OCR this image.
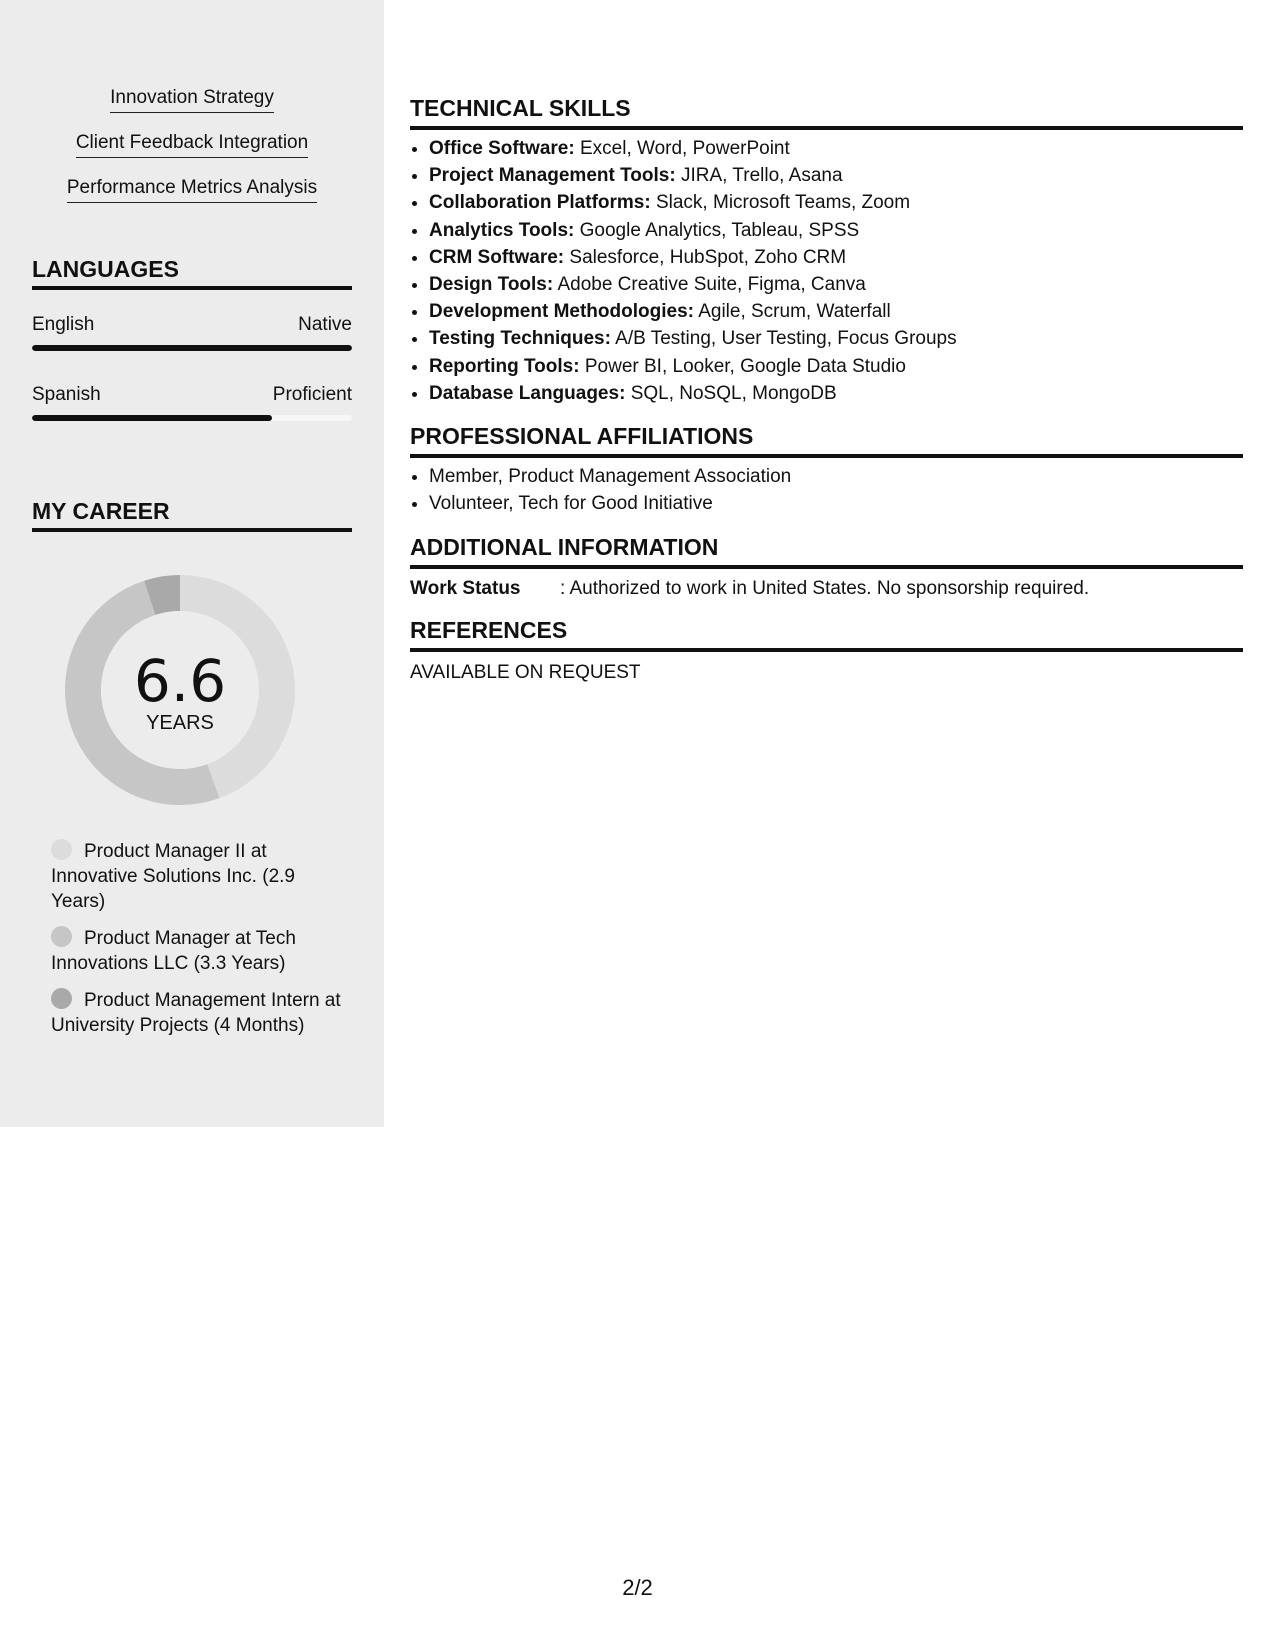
Innovation Strategy
Client Feedback Integration
Performance Metrics Analysis
LANGUAGES
English	Native
Spanish	Proficient
MY CAREER
6.6
YEARS
Product Manager II at Innovative Solutions Inc. (2.9 Years)
Product Manager at Tech Innovations LLC (3.3 Years)
Product Management Intern at University Projects (4 Months)
TECHNICAL SKILLS
• Office Software: Excel, Word, PowerPoint
• Project Management Tools: JIRA, Trello, Asana
• Collaboration Platforms: Slack, Microsoft Teams, Zoom
• Analytics Tools: Google Analytics, Tableau, SPSS
• CRM Software: Salesforce, HubSpot, Zoho CRM
• Design Tools: Adobe Creative Suite, Figma, Canva
• Development Methodologies: Agile, Scrum, Waterfall
• Testing Techniques: A/B Testing, User Testing, Focus Groups
• Reporting Tools: Power BI, Looker, Google Data Studio
• Database Languages: SQL, NoSQL, MongoDB
PROFESSIONAL AFFILIATIONS
• Member, Product Management Association
• Volunteer, Tech for Good Initiative
ADDITIONAL INFORMATION
Work Status	: Authorized to work in United States. No sponsorship required.
REFERENCES
AVAILABLE ON REQUEST
2/2
